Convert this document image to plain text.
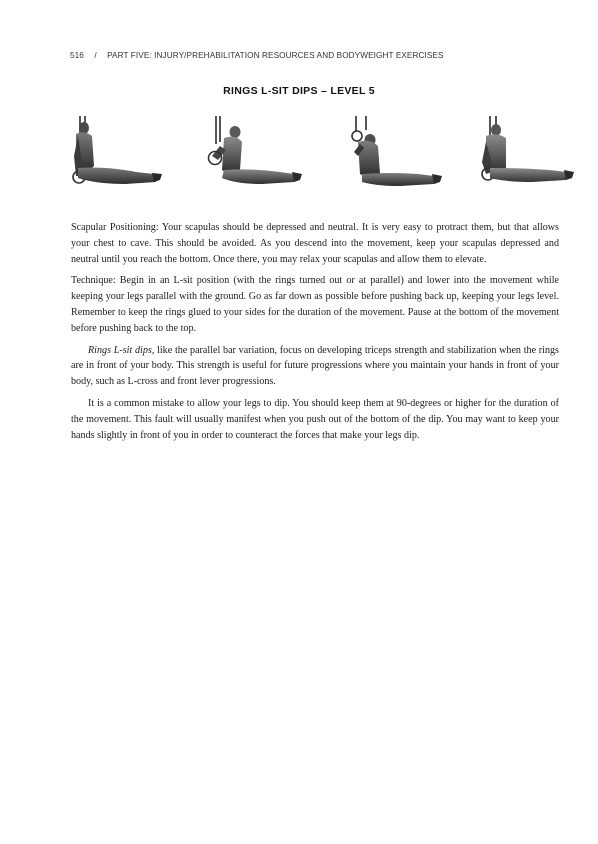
516 / PART FIVE: INJURY/PREHABILITATION RESOURCES AND BODYWEIGHT EXERCISES
RINGS L-SIT DIPS – LEVEL 5

Scapular Positioning: Your scapulas should be depressed and neutral. It is very easy to protract them, but that allows your chest to cave. This should be avoided. As you descend into the movement, keep your scapulas depressed and neutral until you reach the bottom. Once there, you may relax your scapulas and allow them to elevate.

Technique: Begin in an L-sit position (with the rings turned out or at parallel) and lower into the movement while keeping your legs parallel with the ground. Go as far down as possible before pushing back up, keeping your legs level. Remember to keep the rings glued to your sides for the duration of the movement. Pause at the bottom of the movement before pushing back to the top.

Rings L-sit dips, like the parallel bar variation, focus on developing triceps strength and stabilization when the rings are in front of your body. This strength is useful for future progressions where you maintain your hands in front of your body, such as L-cross and front lever progressions.

It is a common mistake to allow your legs to dip. You should keep them at 90-degrees or higher for the duration of the movement. This fault will usually manifest when you push out of the bottom of the dip. You may want to keep your hands slightly in front of you in order to counteract the forces that make your legs dip.
